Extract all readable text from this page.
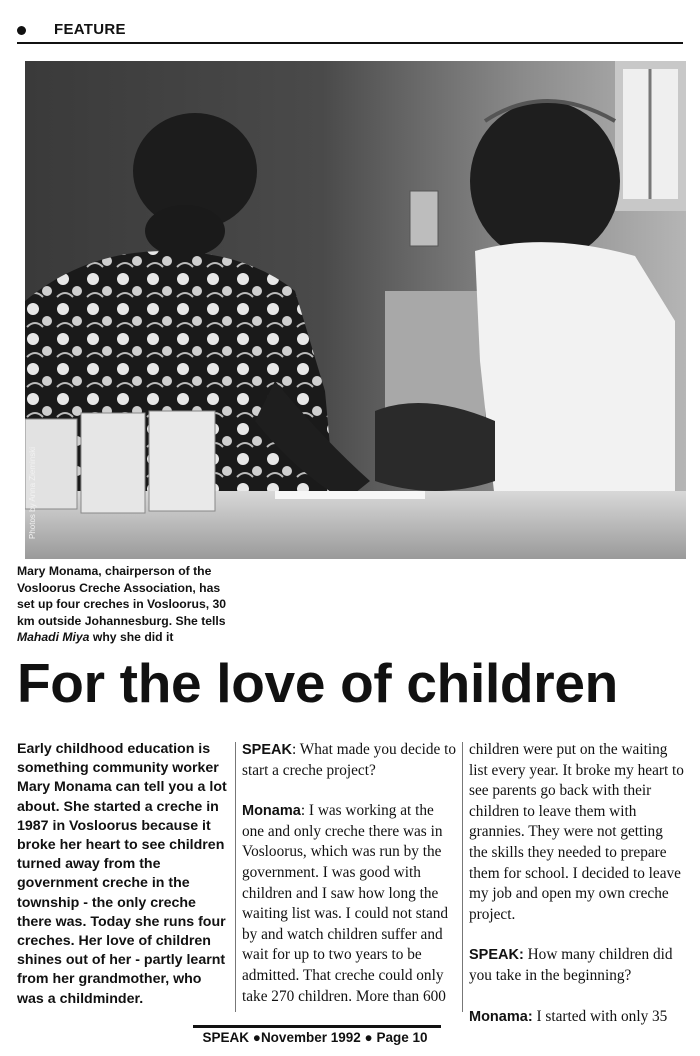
FEATURE
Photos by Anna Zieminski
Mary Monama, chairperson of the
Vosloorus Creche Association, has
set up four creches in Vosloorus, 30
km outside Johannesburg. She tells
Mahadi Miya why she did it
For the love of children

Early childhood education is something community worker Mary Monama can tell you a lot about. She started a creche in 1987 in Vosloorus because it broke her heart to see children turned away from the government creche in the township - the only creche there was. Today she runs four creches. Her love of children shines out of her - partly learnt from her grandmother, who was a childminder.

SPEAK: What made you decide to start a creche project?

Monama: I was working at the one and only creche there was in Vosloorus, which was run by the government. I was good with children and I saw how long the waiting list was. I could not stand by and watch children suffer and wait for up to two years to be admitted. That creche could only take 270 children. More than 600

children were put on the waiting list every year. It broke my heart to see parents go back with their children to leave them with grannies. They were not getting the skills they needed to prepare them for school. I decided to leave my job and open my own creche project.

SPEAK: How many children did you take in the beginning?

Monama: I started with only 35

SPEAK ●November 1992 ● Page 10
